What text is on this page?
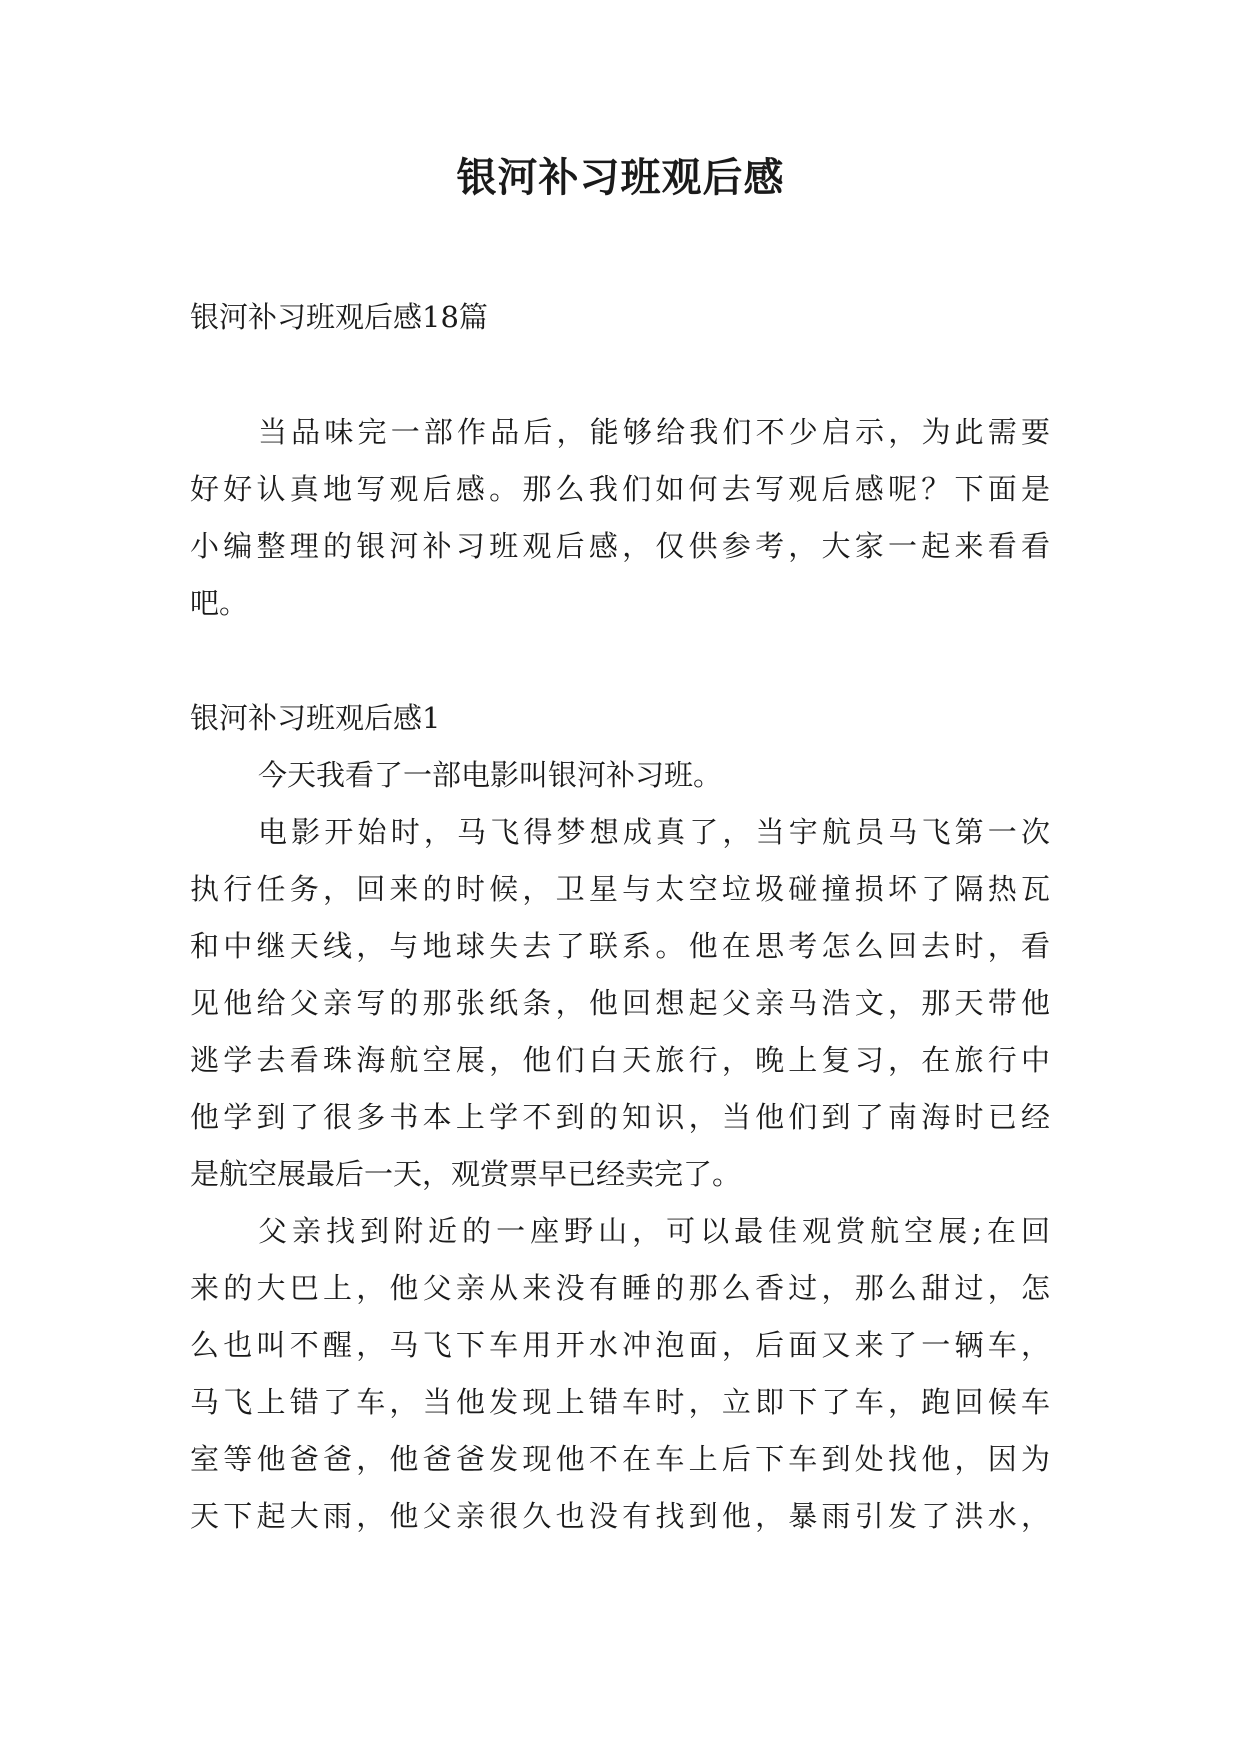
银河补习班观后感

银河补习班观后感18篇

当品味完一部作品后，能够给我们不少启示，为此需要

好好认真地写观后感。那么我们如何去写观后感呢？下面是

小编整理的银河补习班观后感，仅供参考，大家一起来看看

吧。

银河补习班观后感1

今天我看了一部电影叫银河补习班。

电影开始时，马飞得梦想成真了，当宇航员马飞第一次

执行任务，回来的时候，卫星与太空垃圾碰撞损坏了隔热瓦

和中继天线，与地球失去了联系。他在思考怎么回去时，看

见他给父亲写的那张纸条，他回想起父亲马浩文，那天带他

逃学去看珠海航空展，他们白天旅行，晚上复习，在旅行中

他学到了很多书本上学不到的知识，当他们到了南海时已经

是航空展最后一天，观赏票早已经卖完了。

父亲找到附近的一座野山，可以最佳观赏航空展;在回

来的大巴上，他父亲从来没有睡的那么香过，那么甜过，怎

么也叫不醒，马飞下车用开水冲泡面，后面又来了一辆车，

马飞上错了车，当他发现上错车时，立即下了车，跑回候车

室等他爸爸，他爸爸发现他不在车上后下车到处找他，因为

天下起大雨，他父亲很久也没有找到他，暴雨引发了洪水，
